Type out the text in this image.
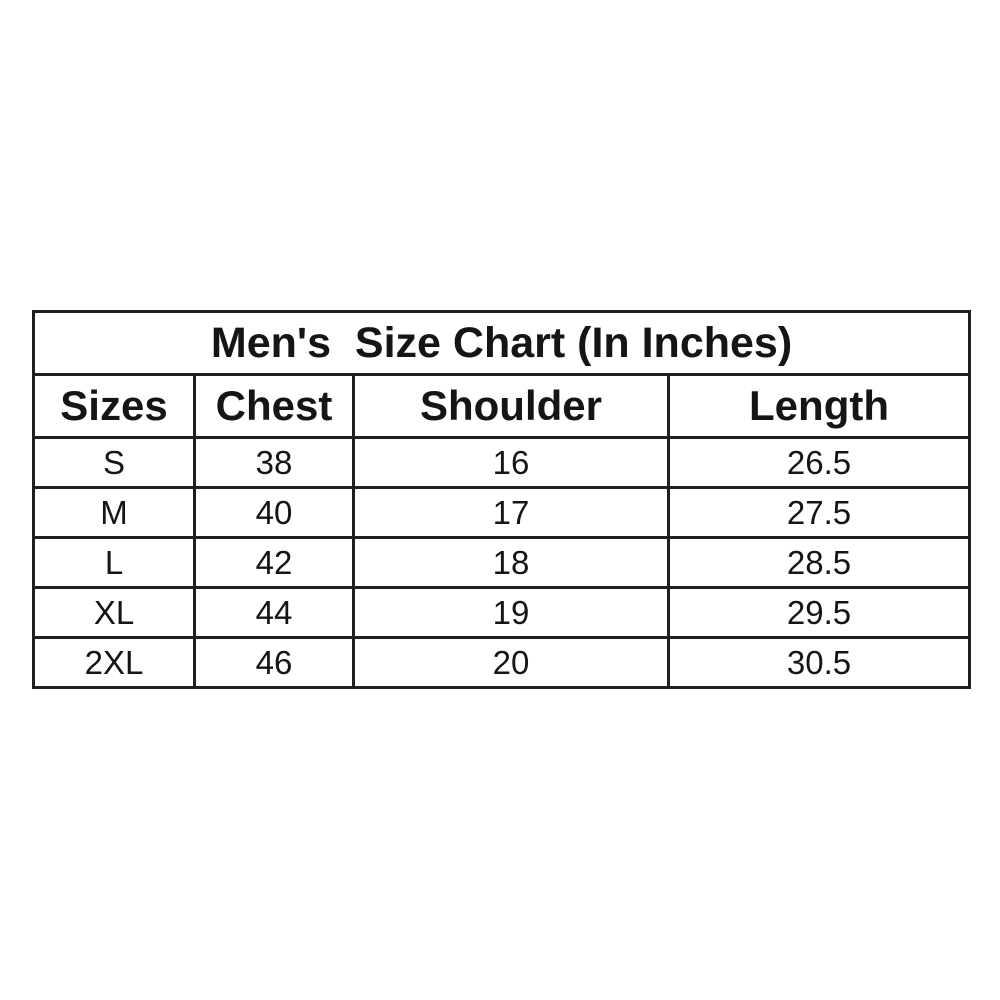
Men's  Size Chart (In Inches)			
Sizes	Chest	Shoulder	Length
S	38	16	26.5
M	40	17	27.5
L	42	18	28.5
XL	44	19	29.5
2XL	46	20	30.5
